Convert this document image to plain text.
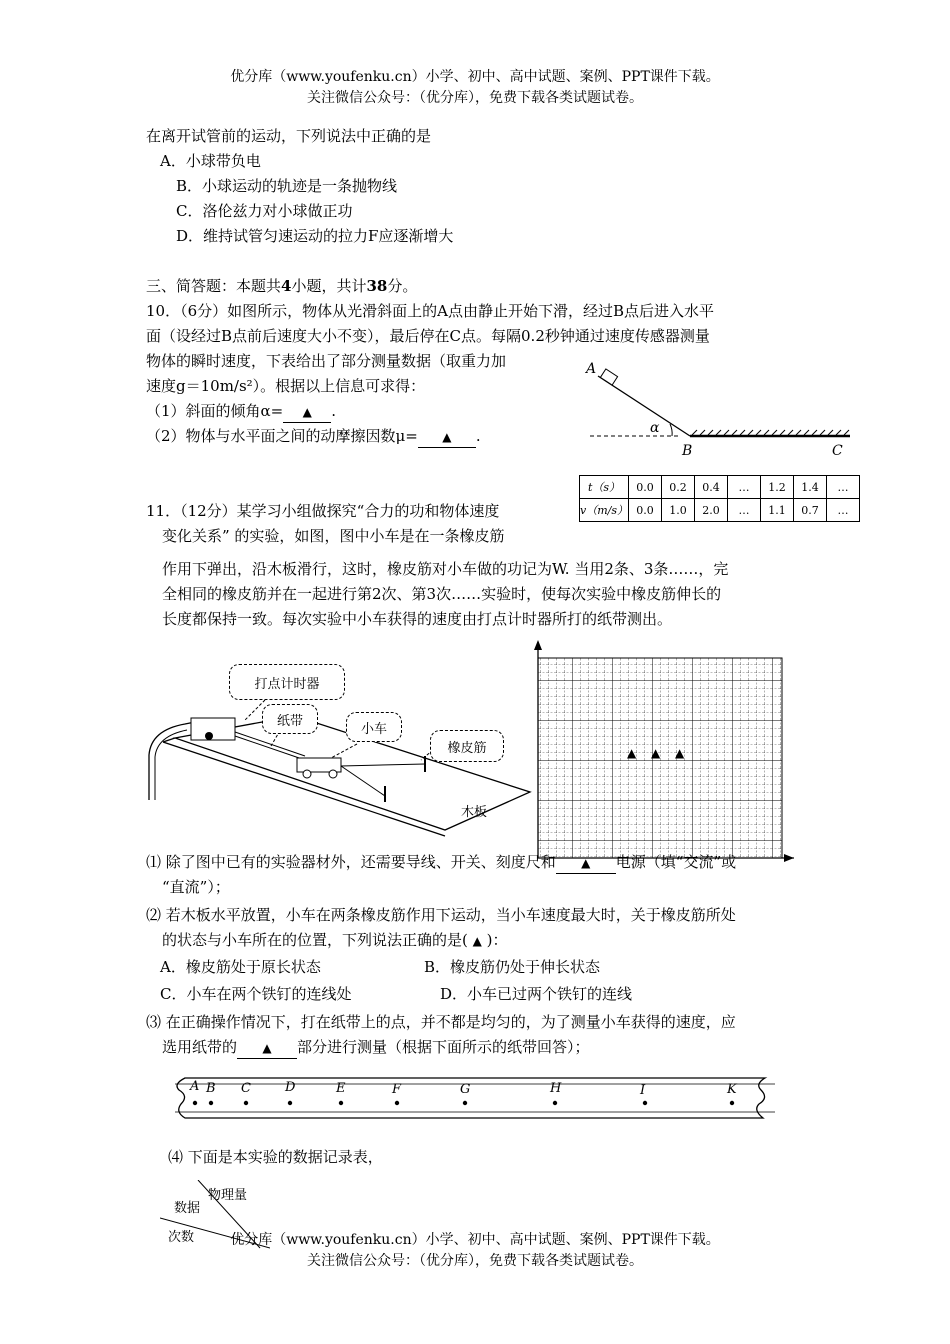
优分库（www.youfenku.cn）小学、初中、高中试题、案例、PPT课件下载。
关注微信公众号：（优分库），免费下载各类试题试卷。
在离开试管前的运动，下列说法中正确的是
A．小球带负电
B．小球运动的轨迹是一条抛物线
C．洛伦兹力对小球做正功
D．维持试管匀速运动的拉力F应逐渐增大
三、简答题：本题共4小题，共计38分。
10．（6分）如图所示，物体从光滑斜面上的A点由静止开始下滑，经过B点后进入水平
面（设经过B点前后速度大小不变），最后停在C点。每隔0.2秒钟通过速度传感器测量
物体的瞬时速度，下表给出了部分测量数据（取重力加
速度g＝10m/s²）。根据以上信息可求得：
（1）斜面的倾角α= ▲ .
（2）物体与水平面之间的动摩擦因数μ= ▲ .
A
α
B	C
t（s）	0.0	0.2	0.4	…	1.2	1.4	…
v（m/s）	0.0	1.0	2.0	…	1.1	0.7	…
11．（12分）某学习小组做探究“合力的功和物体速度
变化关系” 的实验，如图，图中小车是在一条橡皮筋
作用下弹出，沿木板滑行，这时，橡皮筋对小车做的功记为W. 当用2条、3条……，完
全相同的橡皮筋并在一起进行第2次、第3次……实验时，使每次实验中橡皮筋伸长的
长度都保持一致。每次实验中小车获得的速度由打点计时器所打的纸带测出。
木板
打点计时器
纸带
小车
橡皮筋	▲ ▲ ▲
⑴ 除了图中已有的实验器材外，还需要导线、开关、刻度尺和 ▲ 电源（填“交流”或
“直流”）；
⑵ 若木板水平放置，小车在两条橡皮筋作用下运动，当小车速度最大时，关于橡皮筋所处
的状态与小车所在的位置，下列说法正确的是( ▲ )：
A．橡皮筋处于原长状态	B．橡皮筋仍处于伸长状态
C．小车在两个铁钉的连线处	D．小车已过两个铁钉的连线
⑶ 在正确操作情况下，打在纸带上的点，并不都是均匀的，为了测量小车获得的速度，应
选用纸带的 ▲ 部分进行测量（根据下面所示的纸带回答）；
A B C	D	E	F	G	H	I	K
⑷ 下面是本实验的数据记录表，
物理量
数据
次数	优分库（www.youfenku.cn）小学、初中、高中试题、案例、PPT课件下载。
关注微信公众号：（优分库），免费下载各类试题试卷。
